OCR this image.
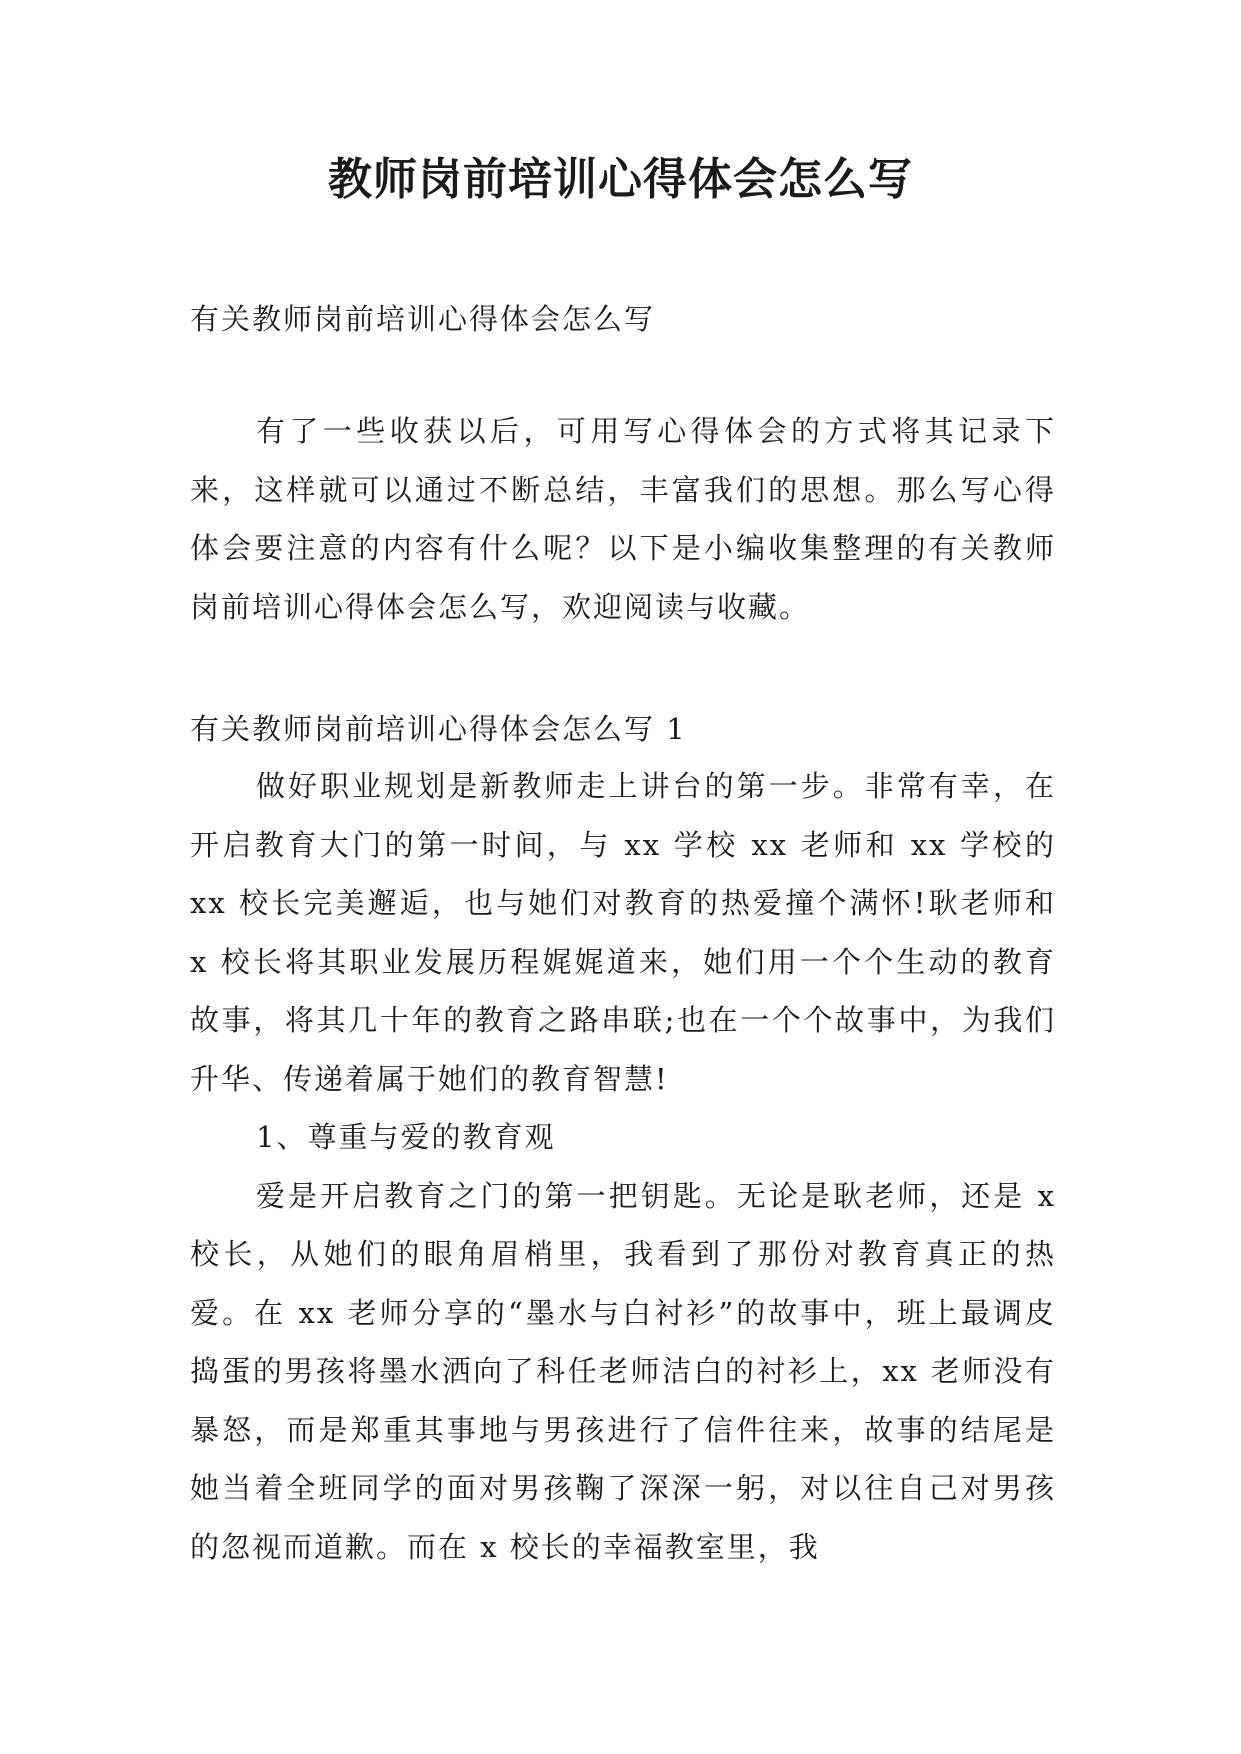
教师岗前培训心得体会怎么写

有关教师岗前培训心得体会怎么写

有了一些收获以后，可用写心得体会的方式将其记录下来，这样就可以通过不断总结，丰富我们的思想。那么写心得体会要注意的内容有什么呢？以下是小编收集整理的有关教师岗前培训心得体会怎么写，欢迎阅读与收藏。

有关教师岗前培训心得体会怎么写 1

做好职业规划是新教师走上讲台的第一步。非常有幸，在开启教育大门的第一时间，与 xx 学校 xx 老师和 xx 学校的 xx 校长完美邂逅，也与她们对教育的热爱撞个满怀!耿老师和 x 校长将其职业发展历程娓娓道来，她们用一个个生动的教育故事，将其几十年的教育之路串联;也在一个个故事中，为我们升华、传递着属于她们的教育智慧!

1、尊重与爱的教育观

爱是开启教育之门的第一把钥匙。无论是耿老师，还是 x 校长，从她们的眼角眉梢里，我看到了那份对教育真正的热爱。在 xx 老师分享的“墨水与白衬衫”的故事中，班上最调皮捣蛋的男孩将墨水洒向了科任老师洁白的衬衫上，xx 老师没有暴怒，而是郑重其事地与男孩进行了信件往来，故事的结尾是她当着全班同学的面对男孩鞠了深深一躬，对以往自己对男孩的忽视而道歉。而在 x 校长的幸福教室里，我
